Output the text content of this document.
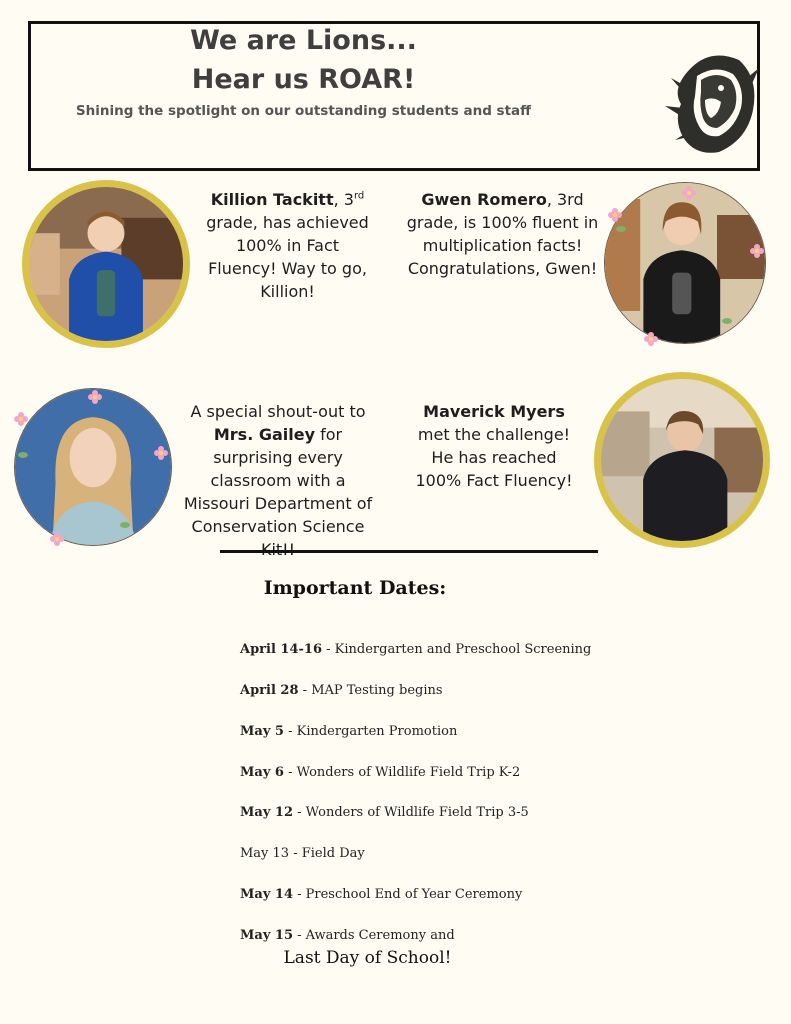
We are Lions...
Hear us ROAR!
Shining the spotlight on our outstanding students and staff
Killion Tackitt, 3rd grade, has achieved 100% in Fact Fluency! Way to go, Killion!
Gwen Romero, 3rd grade, is 100% fluent in multiplication facts! Congratulations, Gwen!
A special shout-out to Mrs. Gailey for surprising every classroom with a Missouri Department of Conservation Science
Maverick Myers met the challenge! He has reached 100% Fact Fluency!
Important Dates:
April 14-16 - Kindergarten and Preschool Screening
April 28 - MAP Testing begins
May 5 - Kindergarten Promotion
May 6 - Wonders of Wildlife Field Trip K-2
May 12 - Wonders of Wildlife Field Trip 3-5
May 13 - Field Day
May 14 - Preschool End of Year Ceremony
May 15 - Awards Ceremony and
Last Day of School!
